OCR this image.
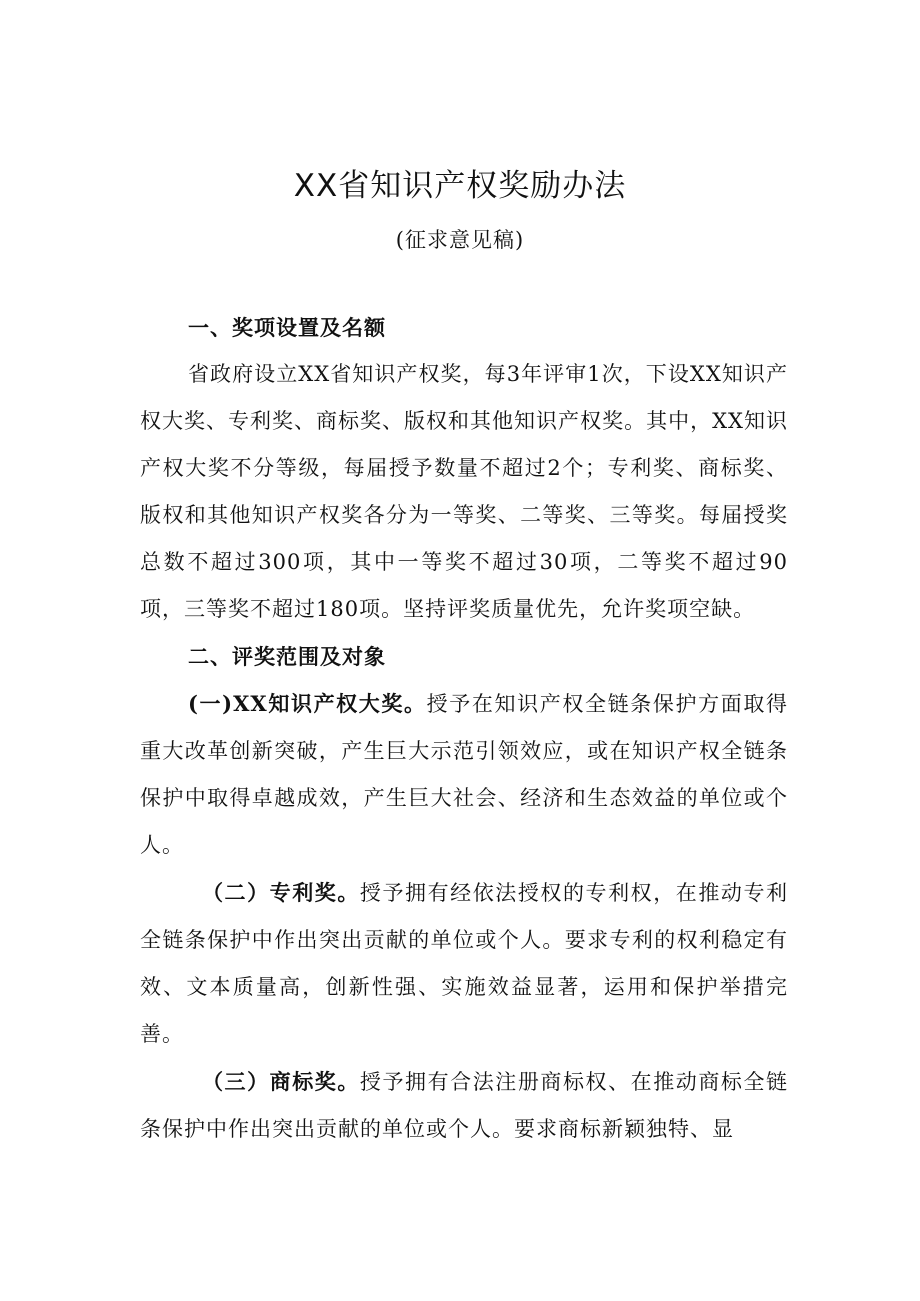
XX省知识产权奖励办法

(征求意见稿)

一、奖项设置及名额

省政府设立XX省知识产权奖，每3年评审1次，下设XX知识产权大奖、专利奖、商标奖、版权和其他知识产权奖。其中，XX知识产权大奖不分等级，每届授予数量不超过2个；专利奖、商标奖、版权和其他知识产权奖各分为一等奖、二等奖、三等奖。每届授奖总数不超过300项，其中一等奖不超过30项，二等奖不超过90项，三等奖不超过180项。坚持评奖质量优先，允许奖项空缺。

二、评奖范围及对象

(一)XX知识产权大奖。授予在知识产权全链条保护方面取得重大改革创新突破，产生巨大示范引领效应，或在知识产权全链条保护中取得卓越成效，产生巨大社会、经济和生态效益的单位或个人。

（二）专利奖。授予拥有经依法授权的专利权，在推动专利全链条保护中作出突出贡献的单位或个人。要求专利的权利稳定有效、文本质量高，创新性强、实施效益显著，运用和保护举措完善。

（三）商标奖。授予拥有合法注册商标权、在推动商标全链条保护中作出突出贡献的单位或个人。要求商标新颖独特、显
